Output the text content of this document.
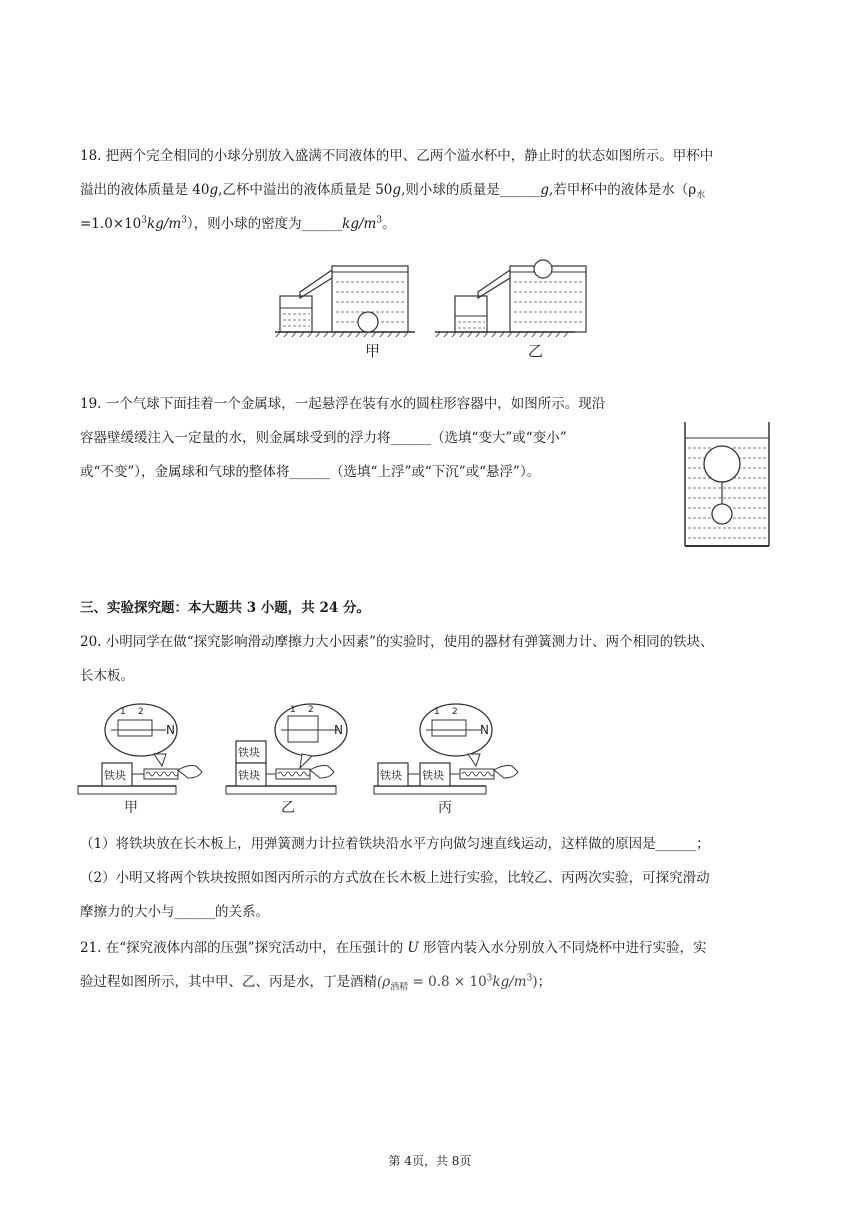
18. 把两个完全相同的小球分别放入盛满不同液体的甲、乙两个溢水杯中，静止时的状态如图所示。甲杯中
溢出的液体质量是 40g,乙杯中溢出的液体质量是 50g,则小球的质量是______g,若甲杯中的液体是水（$\rho_水$
$=1.0\times 10^3kg/m^3$），则小球的密度为$\_\_\_\_\_\_kg/m^3$。
甲	乙
19. 一个气球下面挂着一个金属球，一起悬浮在装有水的圆柱形容器中，如图所示。现沿
容器壁缓缓注入一定量的水，则金属球受到的浮力将______（选填“变大”或“变小”
或“不变”），金属球和气球的整体将______（选填“上浮”或“下沉”或“悬浮”）。
三、实验探究题：本大题共 3 小题，共 24 分。
20. 小明同学在做“探究影响滑动摩擦力大小因素”的实验时，使用的器材有弹簧测力计、两个相同的铁块、
长木板。
N
1 2
铁块
甲
N
1 2
铁块
铁块
乙
N
1 2
铁块 铁块
丙
（1）将铁块放在长木板上，用弹簧测力计拉着铁块沿水平方向做匀速直线运动，这样做的原因是______；
（2）小明又将两个铁块按照如图丙所示的方式放在长木板上进行实验，比较乙、丙两次实验，可探究滑动
摩擦力的大小与______的关系。
21. 在“探究液体内部的压强”探究活动中，在压强计的 U 形管内装入水分别放入不同烧杯中进行实验，实
验过程如图所示，其中甲、乙、丙是水，丁是酒精$(\rho_{酒精} = 0.8 \times 10^3kg/m^3)$；
第 4页，共 8页
